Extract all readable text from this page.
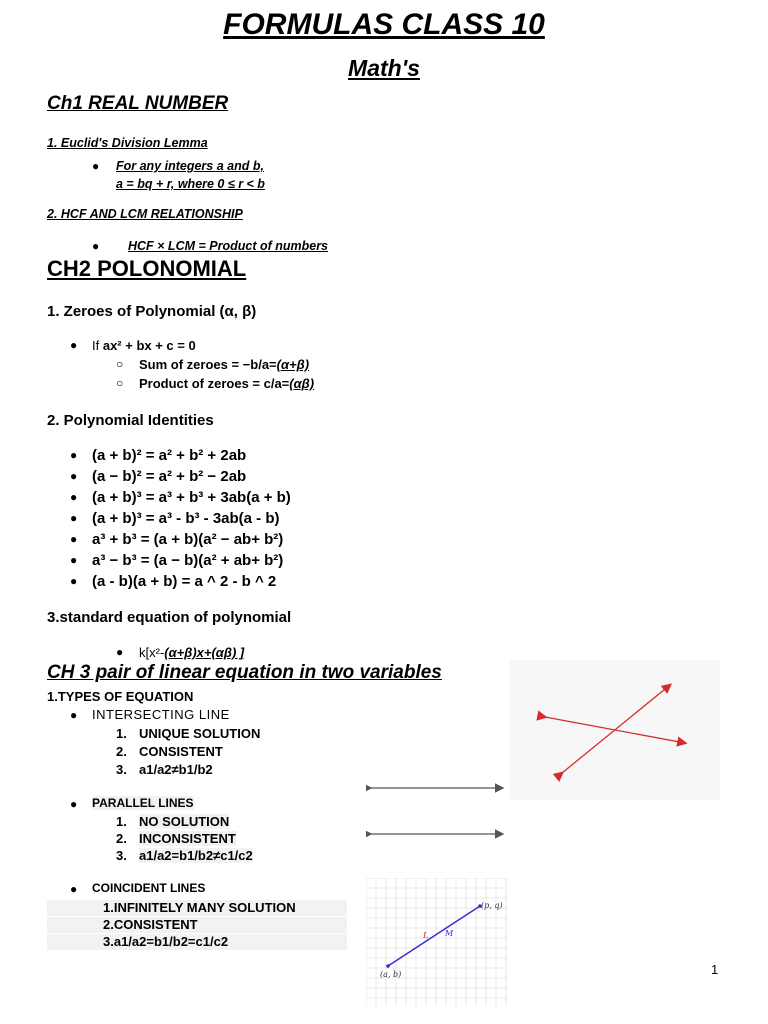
FORMULAS CLASS 10
Math's
Ch1 REAL NUMBER
1. Euclid's Division Lemma
● For any integers a and b,
a = bq + r, where 0 ≤ r < b
2. HCF AND LCM RELATIONSHIP
● HCF × LCM = Product of numbers
CH2 POLONOMIAL
1. Zeroes of Polynomial (α, β)
● If ax² + bx + c = 0
○ Sum of zeroes = −b/a=(α+β)
○ Product of zeroes = c/a=(αβ)
2. Polynomial Identities
● (a + b)² = a² + b² + 2ab
● (a − b)² = a² + b² − 2ab
● (a + b)³ = a³ + b³ + 3ab(a + b)
● (a + b)³ = a³ - b³ - 3ab(a - b)
● a³ + b³ = (a + b)(a² − ab+ b²)
● a³ − b³ = (a − b)(a² + ab+ b²)
● (a - b)(a + b) = a ^ 2 - b ^ 2
3.standard equation of polynomial
● k[x²-(α+β)x+(αβ) ]
CH 3 pair of linear equation in two variables
1.TYPES OF EQUATION
● INTERSECTING LINE
1. UNIQUE SOLUTION
2. CONSISTENT
3. a1/a2≠b1/b2
● PARALLEL LINES
1. NO SOLUTION
2. INCONSISTENT
3. a1/a2=b1/b2≠c1/c2
● COINCIDENT LINES
1.INFINITELY MANY SOLUTION
2.CONSISTENT
3.a1/a2=b1/b2=c1/c2
(p, q)
(a, b)
L M
1
